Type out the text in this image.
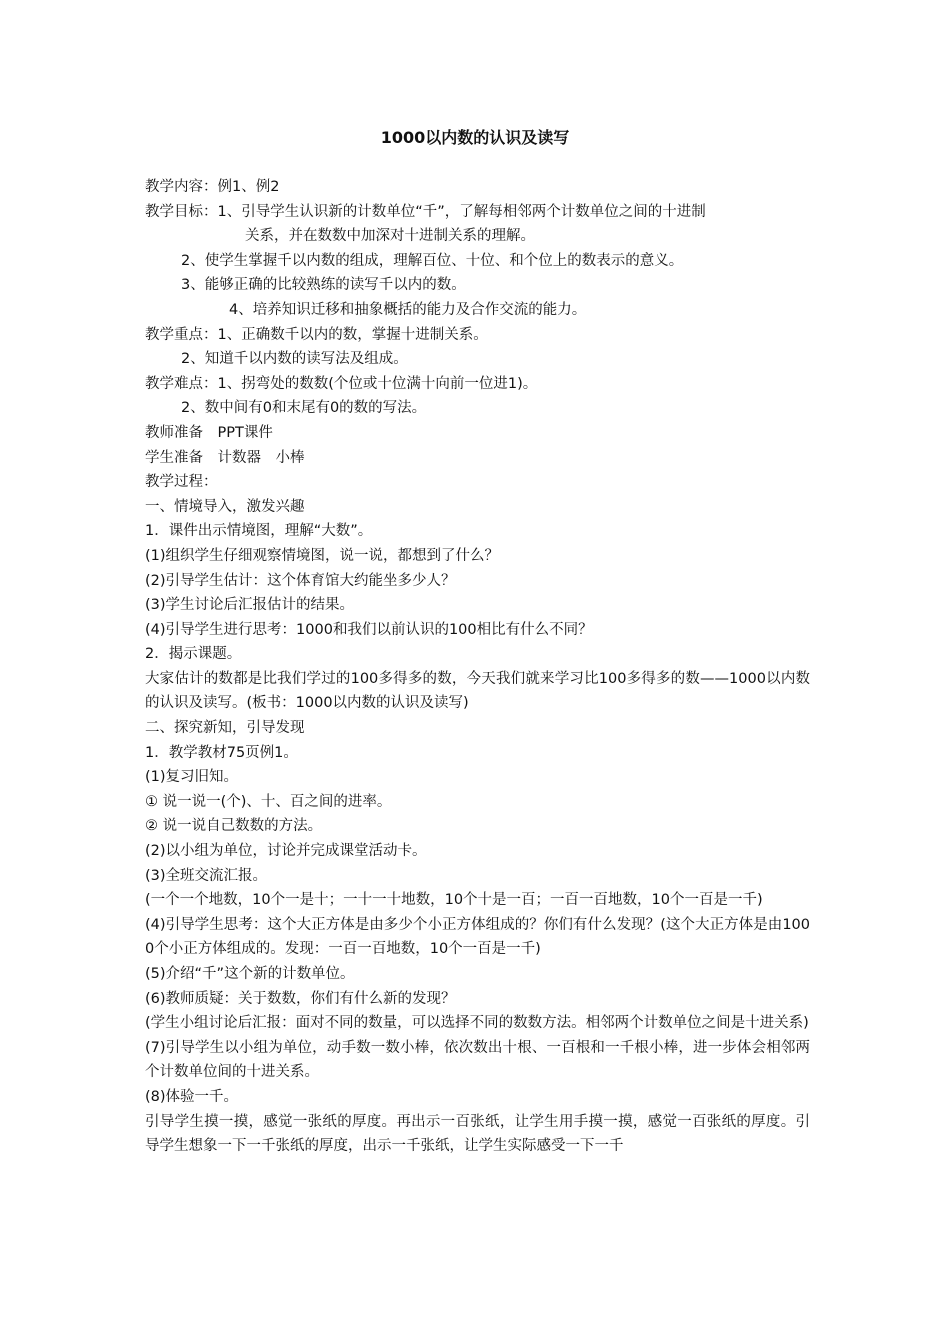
1000以内数的认识及读写
教学内容：例1、例2
教学目标：1、引导学生认识新的计数单位“千”，了解每相邻两个计数单位之间的十进制
关系，并在数数中加深对十进制关系的理解。
2、使学生掌握千以内数的组成，理解百位、十位、和个位上的数表示的意义。
3、能够正确的比较熟练的读写千以内的数。
4、培养知识迁移和抽象概括的能力及合作交流的能力。
教学重点：1、正确数千以内的数，掌握十进制关系。
2、知道千以内数的读写法及组成。
教学难点：1、拐弯处的数数(个位或十位满十向前一位进1)。
2、数中间有0和末尾有0的数的写法。
教师准备　PPT课件
学生准备　计数器　小棒
教学过程：
一、情境导入，激发兴趣
1．课件出示情境图，理解“大数”。
(1)组织学生仔细观察情境图，说一说，都想到了什么？
(2)引导学生估计：这个体育馆大约能坐多少人？
(3)学生讨论后汇报估计的结果。
(4)引导学生进行思考：1000和我们以前认识的100相比有什么不同？
2．揭示课题。
大家估计的数都是比我们学过的100多得多的数，今天我们就来学习比100多得多的数——1000以内数的认识及读写。(板书：1000以内数的认识及读写)
二、探究新知，引导发现
1．教学教材75页例1。
(1)复习旧知。
① 说一说一(个)、十、百之间的进率。
② 说一说自己数数的方法。
(2)以小组为单位，讨论并完成课堂活动卡。
(3)全班交流汇报。
(一个一个地数，10个一是十；一十一十地数，10个十是一百；一百一百地数，10个一百是一千)
(4)引导学生思考：这个大正方体是由多少个小正方体组成的？你们有什么发现？(这个大正方体是由1000个小正方体组成的。发现：一百一百地数，10个一百是一千)
(5)介绍“千”这个新的计数单位。
(6)教师质疑：关于数数，你们有什么新的发现？
(学生小组讨论后汇报：面对不同的数量，可以选择不同的数数方法。相邻两个计数单位之间是十进关系)
(7)引导学生以小组为单位，动手数一数小棒，依次数出十根、一百根和一千根小棒，进一步体会相邻两个计数单位间的十进关系。
(8)体验一千。
引导学生摸一摸，感觉一张纸的厚度。再出示一百张纸，让学生用手摸一摸，感觉一百张纸的厚度。引导学生想象一下一千张纸的厚度，出示一千张纸，让学生实际感受一下一千
